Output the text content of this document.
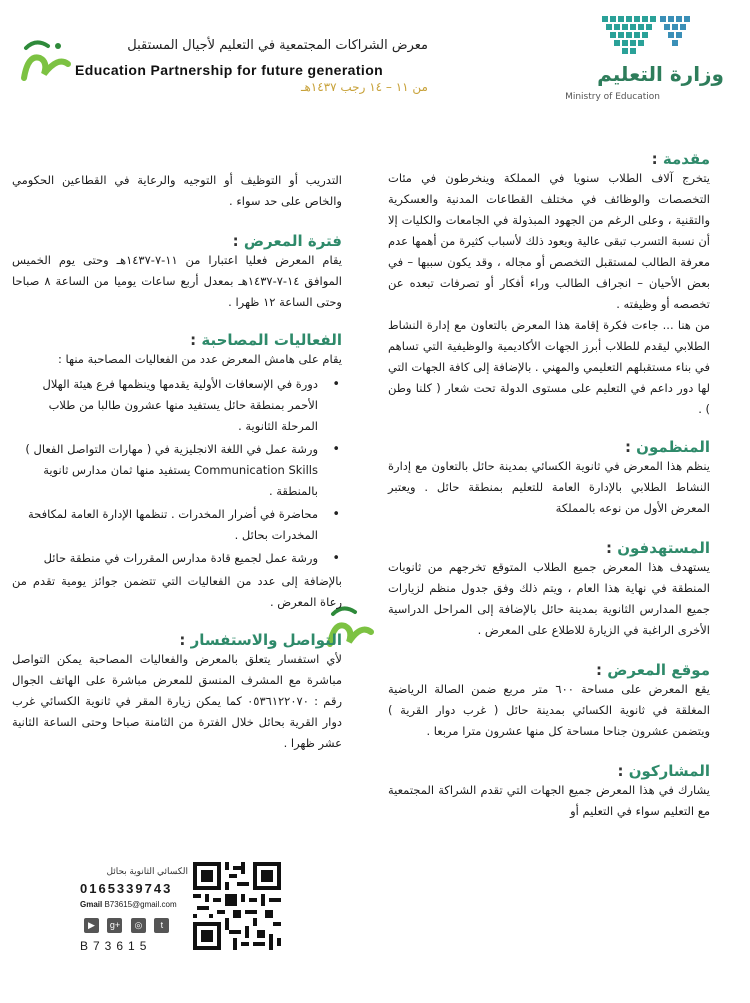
وزارة التعليم
Ministry of Education
معرض الشراكات المجتمعية في التعليم لأجيال المستقبل
Education Partnership for future generation
من ١١ – ١٤ رجب ١٤٣٧هـ
مقدمة :
يتخرج آلاف الطلاب سنويا في المملكة وينخرطون في مئات التخصصات والوظائف في مختلف القطاعات المدنية والعسكرية والتقنية ، وعلى الرغم من الجهود المبذولة في الجامعات والكليات إلا أن نسبة التسرب تبقى عالية ويعود ذلك لأسباب كثيرة من أهمها عدم معرفة الطالب لمستقبل التخصص أو مجاله ، وقد يكون سببها – في بعض الأحيان – انجراف الطالب وراء أفكار أو تصرفات تبعده عن تخصصه أو وظيفته .
من هنا ... جاءت فكرة إقامة هذا المعرض بالتعاون مع إدارة النشاط الطلابي ليقدم للطلاب أبرز الجهات الأكاديمية والوظيفية التي تساهم في بناء مستقبلهم التعليمي والمهني . بالإضافة إلى كافة الجهات التي لها دور داعم في التعليم على مستوى الدولة تحت شعار ( كلنا وطن ) .
المنظمون :
ينظم هذا المعرض في ثانوية الكسائي بمدينة حائل بالتعاون مع إدارة النشاط الطلابي بالإدارة العامة للتعليم بمنطقة حائل . ويعتبر المعرض الأول من نوعه بالمملكة
المستهدفون :
يستهدف هذا المعرض جميع الطلاب المتوقع تخرجهم من ثانويات المنطقة في نهاية هذا العام ، ويتم ذلك وفق جدول منظم لزيارات جميع المدارس الثانوية بمدينة حائل بالإضافة إلى المراحل الدراسية الأخرى الراغبة في الزيارة للاطلاع على المعرض .
موقع المعرض :
يقع المعرض على مساحة ٦٠٠ متر مربع ضمن الصالة الرياضية المغلقة في ثانوية الكسائي بمدينة حائل ( غرب دوار القرية ) ويتضمن عشرون جناحا مساحة كل منها عشرون مترا مربعا .
المشاركون :
يشارك في هذا المعرض جميع الجهات التي تقدم الشراكة المجتمعية مع التعليم سواء في التعليم أو
التدريب أو التوظيف أو التوجيه والرعاية في القطاعين الحكومي والخاص على حد سواء .
فترة المعرض :
يقام المعرض فعليا اعتبارا من ١١-٧-١٤٣٧هـ وحتى يوم الخميس الموافق ١٤-٧-١٤٣٧هـ بمعدل أربع ساعات يوميا من الساعة ٨ صباحا وحتى الساعة ١٢ ظهرا .
الفعاليات المصاحبة :
يقام على هامش المعرض عدد من الفعاليات المصاحبة منها :
• دورة في الإسعافات الأولية يقدمها وينظمها فرع هيئة الهلال الأحمر بمنطقة حائل يستفيد منها عشرون طالبا من طلاب المرحلة الثانوية .
• ورشة عمل في اللغة الانجليزية في ( مهارات التواصل الفعال ) Communication Skills يستفيد منها ثمان مدارس ثانوية بالمنطقة .
• محاضرة في أضرار المخدرات . تنظمها الإدارة العامة لمكافحة المخدرات بحائل .
• ورشة عمل لجميع قادة مدارس المقررات في منطقة حائل
بالإضافة إلى عدد من الفعاليات التي تتضمن جوائز يومية تقدم من رعاة المعرض .
التواصل والاستفسار :
لأي استفسار يتعلق بالمعرض والفعاليات المصاحبة يمكن التواصل مباشرة مع المشرف المنسق للمعرض مباشرة على الهاتف الجوال رقم : ٠٥٣٦١٢٢٠٧٠ كما يمكن زيارة المقر في ثانوية الكسائي غرب دوار القرية بحائل خلال الفترة من الثامنة صباحا وحتى الساعة الثانية عشر ظهرا .
الكسائي الثانوية بحائل
0165339743
Gmail B73615@gmail.com
▶ g+ ◎ t
B73615
